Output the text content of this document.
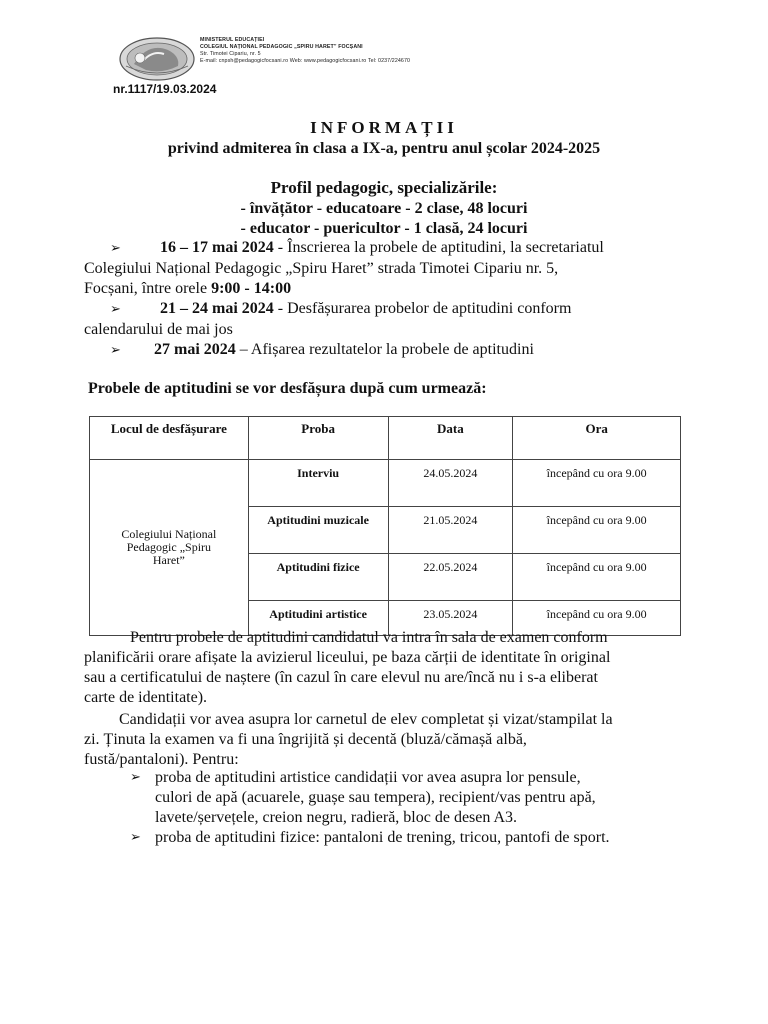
MINISTERUL EDUCAȚIEI
COLEGIUL NAȚIONAL PEDAGOGIC „SPIRU HARET” FOCȘANI
Str. Timotei Cipariu, nr. 5
E-mail: cnpsh@pedagogicfocsani.ro Web: www.pedagogicfocsani.ro Tel: 0237/224670
nr.1117/19.03.2024
INFORMAȚII
privind admiterea în clasa a IX-a, pentru anul școlar 2024-2025
Profil pedagogic, specializările:
- învățător - educatoare - 2 clase, 48 locuri
- educator - puericultor - 1 clasă, 24 locuri
➢ 16 – 17 mai 2024 - Înscrierea la probele de aptitudini, la secretariatul
Colegiului Național Pedagogic „Spiru Haret” strada Timotei Cipariu nr. 5,
Focșani, între orele 9:00 - 14:00
➢ 21 – 24 mai 2024 - Desfășurarea probelor de aptitudini conform
calendarului de mai jos
➢ 27 mai 2024 – Afișarea rezultatelor la probele de aptitudini
Probele de aptitudini se vor desfășura după cum urmează:
Locul de desfășurare	Proba	Data	Ora

Colegiului Național
Pedagogic „Spiru
Haret”	Interviu	24.05.2024	începând cu ora 9.00
	Aptitudini muzicale	21.05.2024	începând cu ora 9.00
	Aptitudini fizice	22.05.2024	începând cu ora 9.00
	Aptitudini artistice	23.05.2024	începând cu ora 9.00
Pentru probele de aptitudini candidatul va intra în sala de examen conform
planificării orare afișate la avizierul liceului, pe baza cărții de identitate în original
sau a certificatului de naștere (în cazul în care elevul nu are/încă nu i s-a eliberat
carte de identitate).
Candidații vor avea asupra lor carnetul de elev completat și vizat/stampilat la
zi. Ținuta la examen va fi una îngrijită și decentă (bluză/cămașă albă,
fustă/pantaloni). Pentru:
➢ proba de aptitudini artistice candidații vor avea asupra lor pensule,
culori de apă (acuarele, guașe sau tempera), recipient/vas pentru apă,
lavete/șervețele, creion negru, radieră, bloc de desen A3.
➢ proba de aptitudini fizice: pantaloni de trening, tricou, pantofi de sport.
